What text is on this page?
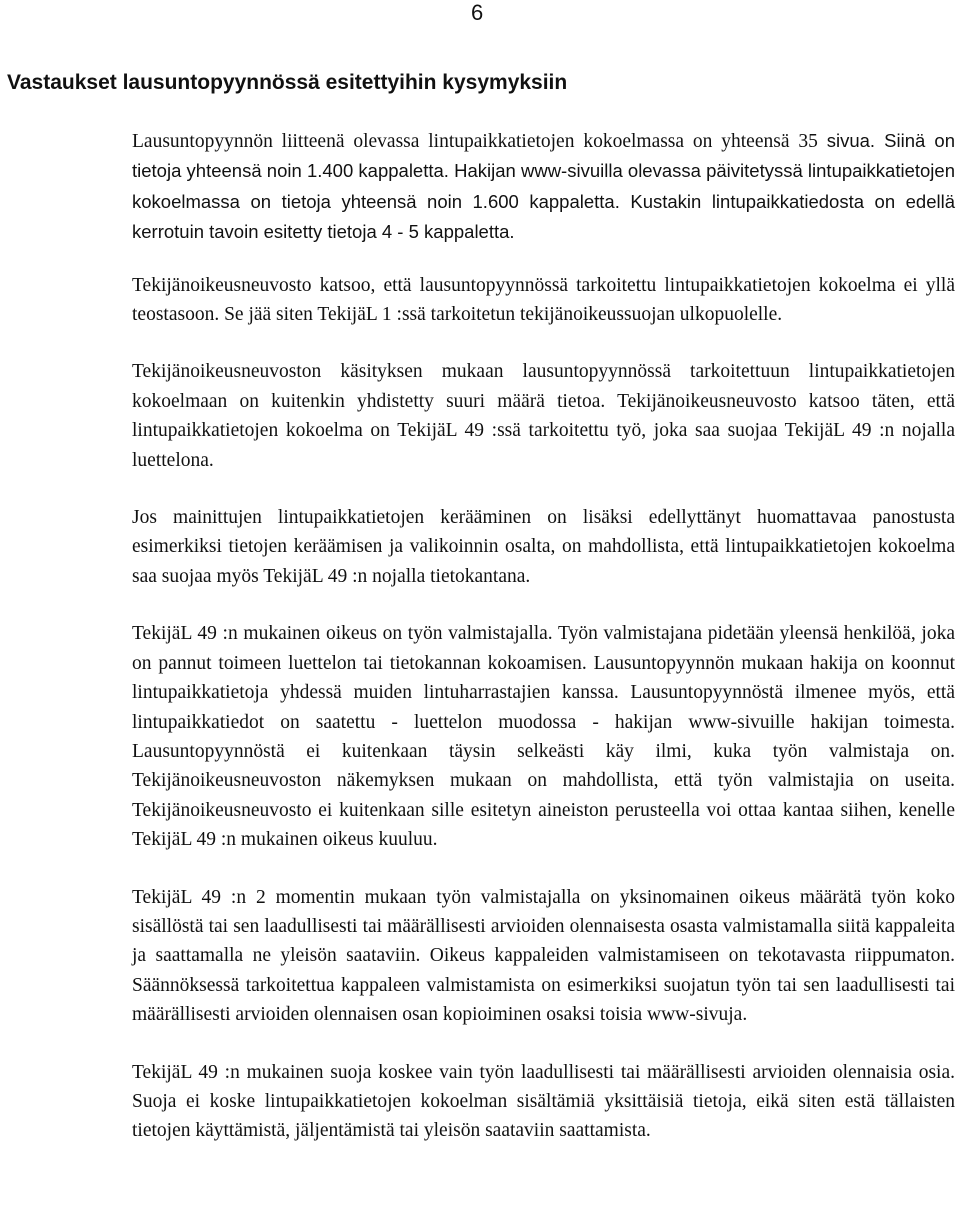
6
Vastaukset lausuntopyynnössä esitettyihin kysymyksiin

Lausuntopyynnön liitteenä olevassa lintupaikkatietojen kokoelmassa on yhteensä 35 sivua. Siinä on tietoja yhteensä noin 1.400 kappaletta. Hakijan www-sivuilla olevassa päivitetyssä lintupaikkatietojen kokoelmassa on tietoja yhteensä noin 1.600 kappaletta. Kustakin lintupaikkatiedosta on edellä kerrotuin tavoin esitetty tietoja 4 - 5 kappaletta.

Tekijänoikeusneuvosto katsoo, että lausuntopyynnössä tarkoitettu lintupaikkatietojen kokoelma ei yllä teostasoon. Se jää siten TekijäL 1 :ssä tarkoitetun tekijänoikeussuojan ulkopuolelle.

Tekijänoikeusneuvoston käsityksen mukaan lausuntopyynnössä tarkoitettuun lintupaikkatietojen kokoelmaan on kuitenkin yhdistetty suuri määrä tietoa. Tekijänoikeusneuvosto katsoo täten, että lintupaikkatietojen kokoelma on TekijäL 49 :ssä tarkoitettu työ, joka saa suojaa TekijäL 49 :n nojalla luettelona.

Jos mainittujen lintupaikkatietojen kerääminen on lisäksi edellyttänyt huomattavaa panostusta esimerkiksi tietojen keräämisen ja valikoinnin osalta, on mahdollista, että lintupaikkatietojen kokoelma saa suojaa myös TekijäL 49 :n nojalla tietokantana.

TekijäL 49 :n mukainen oikeus on työn valmistajalla. Työn valmistajana pidetään yleensä henkilöä, joka on pannut toimeen luettelon tai tietokannan kokoamisen. Lausuntopyynnön mukaan hakija on koonnut lintupaikkatietoja yhdessä muiden lintuharrastajien kanssa. Lausuntopyynnöstä ilmenee myös, että lintupaikkatiedot on saatettu - luettelon muodossa - hakijan www-sivuille hakijan toimesta. Lausuntopyynnöstä ei kuitenkaan täysin selkeästi käy ilmi, kuka työn valmistaja on. Tekijänoikeusneuvoston näkemyksen mukaan on mahdollista, että työn valmistajia on useita. Tekijänoikeusneuvosto ei kuitenkaan sille esitetyn aineiston perusteella voi ottaa kantaa siihen, kenelle TekijäL 49 :n mukainen oikeus kuuluu.

TekijäL 49 :n 2 momentin mukaan työn valmistajalla on yksinomainen oikeus määrätä työn koko sisällöstä tai sen laadullisesti tai määrällisesti arvioiden olennaisesta osasta valmistamalla siitä kappaleita ja saattamalla ne yleisön saataviin. Oikeus kappaleiden valmistamiseen on tekotavasta riippumaton. Säännöksessä tarkoitettua kappaleen valmistamista on esimerkiksi suojatun työn tai sen laadullisesti tai määrällisesti arvioiden olennaisen osan kopioiminen osaksi toisia www-sivuja.

TekijäL 49 :n mukainen suoja koskee vain työn laadullisesti tai määrällisesti arvioiden olennaisia osia. Suoja ei koske lintupaikkatietojen kokoelman sisältämiä yksittäisiä tietoja, eikä siten estä tällaisten tietojen käyttämistä, jäljentämistä tai yleisön saataviin saattamista.
